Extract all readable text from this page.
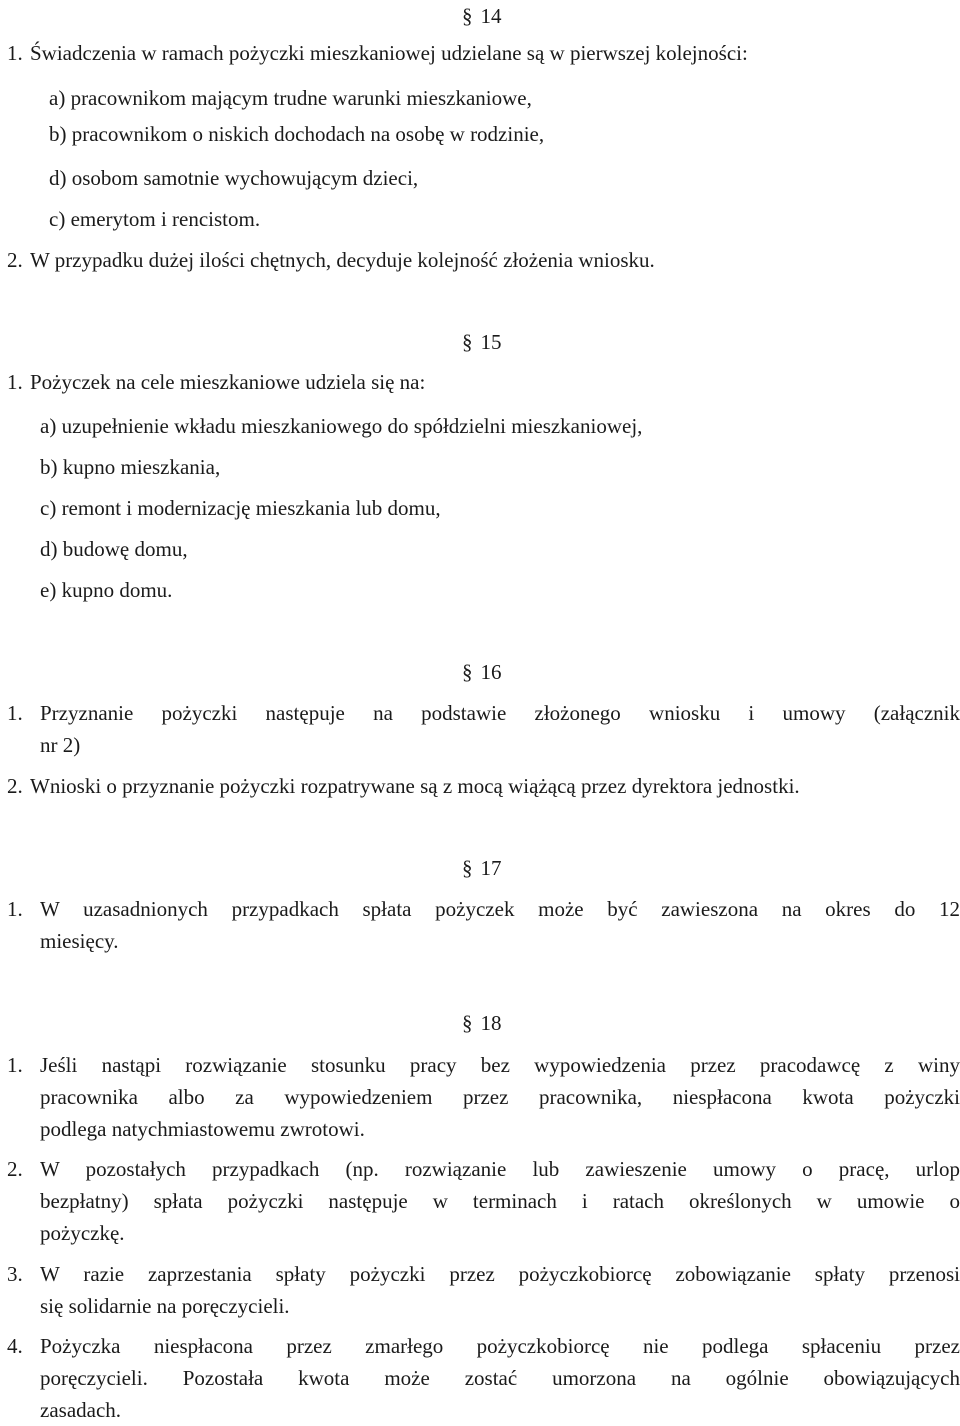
§ 14
1. Świadczenia w ramach pożyczki mieszkaniowej udzielane są w pierwszej kolejności:
a) pracownikom mającym trudne warunki mieszkaniowe,
b) pracownikom o niskich dochodach na osobę w rodzinie,
d) osobom samotnie wychowującym dzieci,
c) emerytom i rencistom.
2. W przypadku dużej ilości chętnych, decyduje kolejność złożenia wniosku.
§ 15
1. Pożyczek na cele mieszkaniowe udziela się na:
a) uzupełnienie wkładu mieszkaniowego do spółdzielni mieszkaniowej,
b) kupno mieszkania,
c) remont i modernizację mieszkania lub domu,
d) budowę domu,
e) kupno domu.
§ 16
1. Przyznanie pożyczki następuje na podstawie złożonego wniosku i umowy (załącznik
nr 2)
2. Wnioski o przyznanie pożyczki rozpatrywane są z mocą wiążącą przez dyrektora jednostki.
§ 17
1. W uzasadnionych przypadkach spłata pożyczek może być zawieszona na okres do 12
miesięcy.
§ 18
1. Jeśli nastąpi rozwiązanie stosunku pracy bez wypowiedzenia przez pracodawcę z winy
pracownika albo za wypowiedzeniem przez pracownika, niespłacona kwota pożyczki
podlega natychmiastowemu zwrotowi.
2. W pozostałych przypadkach (np. rozwiązanie lub zawieszenie umowy o pracę, urlop
bezpłatny) spłata pożyczki następuje w terminach i ratach określonych w umowie o
pożyczkę.
3. W razie zaprzestania spłaty pożyczki przez pożyczkobiorcę zobowiązanie spłaty przenosi
się solidarnie na poręczycieli.
4. Pożyczka niespłacona przez zmarłego pożyczkobiorcę nie podlega spłaceniu przez
poręczycieli. Pozostała kwota może zostać umorzona na ogólnie obowiązujących
zasadach.
